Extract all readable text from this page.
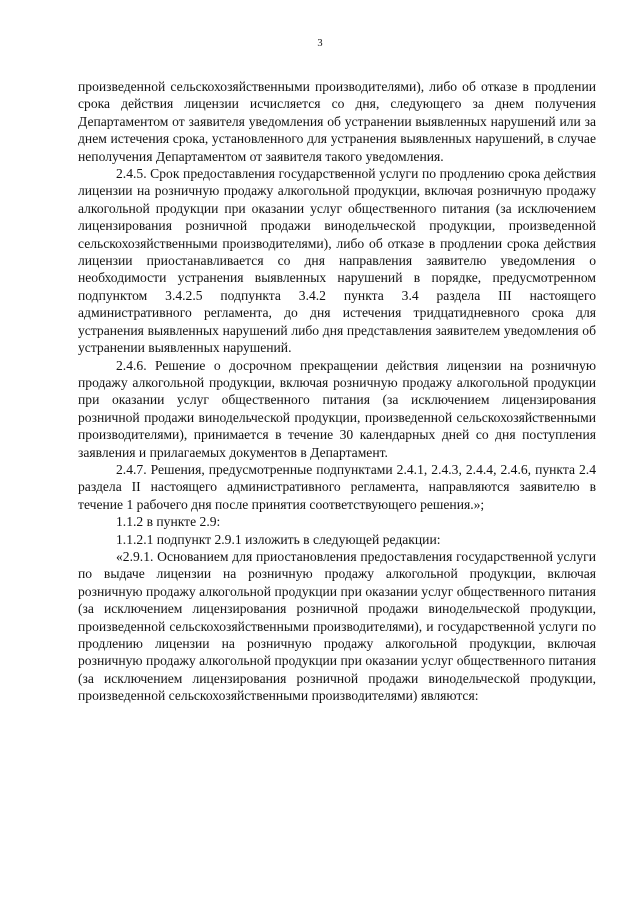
3

произведенной сельскохозяйственными производителями), либо об отказе в продлении срока действия лицензии исчисляется со дня, следующего за днем получения Департаментом от заявителя уведомления об устранении выявленных нарушений или за днем истечения срока, установленного для устранения выявленных нарушений, в случае неполучения Департаментом от заявителя такого уведомления.

2.4.5. Срок предоставления государственной услуги по продлению срока действия лицензии на розничную продажу алкогольной продукции, включая розничную продажу алкогольной продукции при оказании услуг общественного питания (за исключением лицензирования розничной продажи винодельческой продукции, произведенной сельскохозяйственными производителями), либо об отказе в продлении срока действия лицензии приостанавливается со дня направления заявителю уведомления о необходимости устранения выявленных нарушений в порядке, предусмотренном подпунктом 3.4.2.5 подпункта 3.4.2 пункта 3.4 раздела III настоящего административного регламента, до дня истечения тридцатидневного срока для устранения выявленных нарушений либо дня представления заявителем уведомления об устранении выявленных нарушений.

2.4.6. Решение о досрочном прекращении действия лицензии на розничную продажу алкогольной продукции, включая розничную продажу алкогольной продукции при оказании услуг общественного питания (за исключением лицензирования розничной продажи винодельческой продукции, произведенной сельскохозяйственными производителями), принимается в течение 30 календарных дней со дня поступления заявления и прилагаемых документов в Департамент.

2.4.7. Решения, предусмотренные подпунктами 2.4.1, 2.4.3, 2.4.4, 2.4.6, пункта 2.4 раздела II настоящего административного регламента, направляются заявителю в течение 1 рабочего дня после принятия соответствующего решения.»;

1.1.2 в пункте 2.9:

1.1.2.1 подпункт 2.9.1 изложить в следующей редакции:

«2.9.1. Основанием для приостановления предоставления государственной услуги по выдаче лицензии на розничную продажу алкогольной продукции, включая розничную продажу алкогольной продукции при оказании услуг общественного питания (за исключением лицензирования розничной продажи винодельческой продукции, произведенной сельскохозяйственными производителями), и государственной услуги по продлению лицензии на розничную продажу алкогольной продукции, включая розничную продажу алкогольной продукции при оказании услуг общественного питания (за исключением лицензирования розничной продажи винодельческой продукции, произведенной сельскохозяйственными производителями) являются:
